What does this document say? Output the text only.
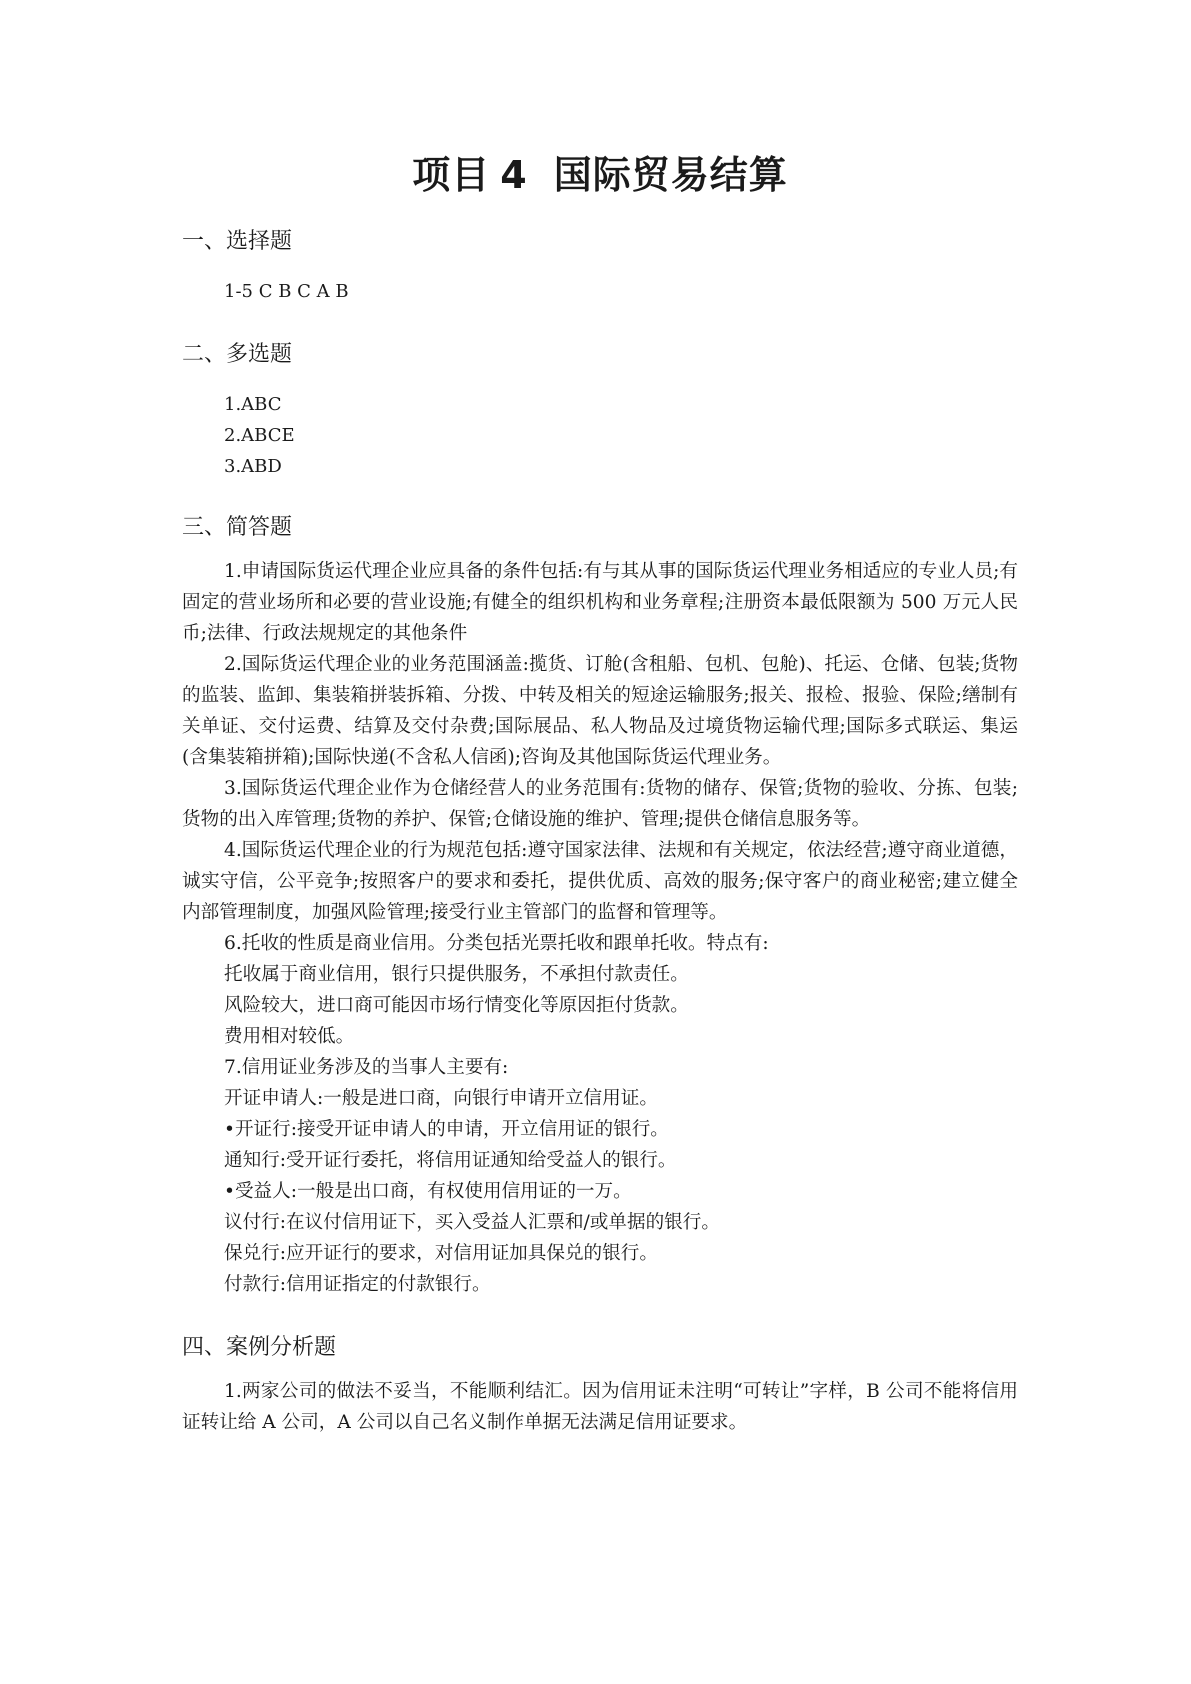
项目 4 国际贸易结算
一、选择题
1-5 C B C A B
二、多选题
1.ABC
2.ABCE
3.ABD
三、简答题

1.申请国际货运代理企业应具备的条件包括:有与其从事的国际货运代理业务相适应的专业人员;有固定的营业场所和必要的营业设施;有健全的组织机构和业务章程;注册资本最低限额为 500 万元人民币;法律、行政法规规定的其他条件

2.国际货运代理企业的业务范围涵盖:揽货、订舱(含租船、包机、包舱)、托运、仓储、包装;货物的监装、监卸、集装箱拼装拆箱、分拨、中转及相关的短途运输服务;报关、报检、报验、保险;缮制有关单证、交付运费、结算及交付杂费;国际展品、私人物品及过境货物运输代理;国际多式联运、集运(含集装箱拼箱);国际快递(不含私人信函);咨询及其他国际货运代理业务。

3.国际货运代理企业作为仓储经营人的业务范围有:货物的储存、保管;货物的验收、分拣、包装;货物的出入库管理;货物的养护、保管;仓储设施的维护、管理;提供仓储信息服务等。

4.国际货运代理企业的行为规范包括:遵守国家法律、法规和有关规定，依法经营;遵守商业道德，诚实守信，公平竞争;按照客户的要求和委托，提供优质、高效的服务;保守客户的商业秘密;建立健全内部管理制度，加强风险管理;接受行业主管部门的监督和管理等。

6.托收的性质是商业信用。分类包括光票托收和跟单托收。特点有:

托收属于商业信用，银行只提供服务，不承担付款责任。

风险较大，进口商可能因市场行情变化等原因拒付货款。

费用相对较低。

7.信用证业务涉及的当事人主要有:

开证申请人:一般是进口商，向银行申请开立信用证。

•开证行:接受开证申请人的申请，开立信用证的银行。

通知行:受开证行委托，将信用证通知给受益人的银行。

•受益人:一般是出口商，有权使用信用证的一万。

议付行:在议付信用证下，买入受益人汇票和/或单据的银行。

保兑行:应开证行的要求，对信用证加具保兑的银行。

付款行:信用证指定的付款银行。

四、案例分析题

1.两家公司的做法不妥当，不能顺利结汇。因为信用证未注明“可转让”字样，B 公司不能将信用证转让给 A 公司，A 公司以自己名义制作单据无法满足信用证要求。
